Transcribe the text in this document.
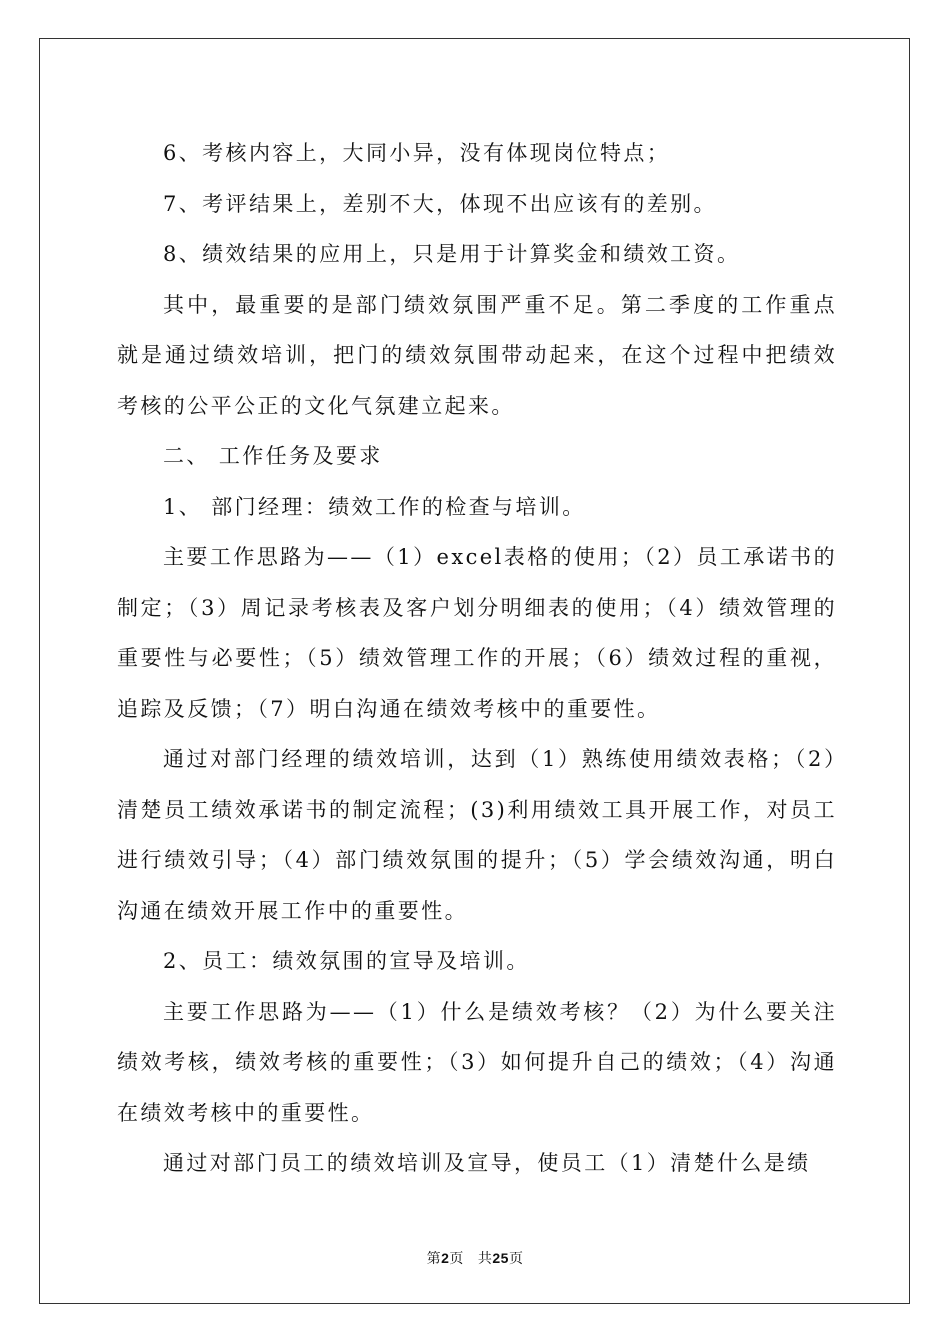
6、考核内容上，大同小异，没有体现岗位特点；

7、考评结果上，差别不大，体现不出应该有的差别。

8、绩效结果的应用上，只是用于计算奖金和绩效工资。

其中，最重要的是部门绩效氛围严重不足。第二季度的工作重点就是通过绩效培训，把门的绩效氛围带动起来，在这个过程中把绩效考核的公平公正的文化气氛建立起来。

二、 工作任务及要求

1、 部门经理：绩效工作的检查与培训。

主要工作思路为——（1）excel表格的使用；（2）员工承诺书的制定；（3）周记录考核表及客户划分明细表的使用；（4）绩效管理的重要性与必要性；（5）绩效管理工作的开展；（6）绩效过程的重视，追踪及反馈；（7）明白沟通在绩效考核中的重要性。

通过对部门经理的绩效培训，达到（1）熟练使用绩效表格；（2）清楚员工绩效承诺书的制定流程；(3)利用绩效工具开展工作，对员工进行绩效引导；（4）部门绩效氛围的提升；（5）学会绩效沟通，明白沟通在绩效开展工作中的重要性。

2、员工：绩效氛围的宣导及培训。

主要工作思路为——（1）什么是绩效考核？（2）为什么要关注绩效考核，绩效考核的重要性；（3）如何提升自己的绩效；（4）沟通在绩效考核中的重要性。

通过对部门员工的绩效培训及宣导，使员工（1）清楚什么是绩

第2页 共25页
